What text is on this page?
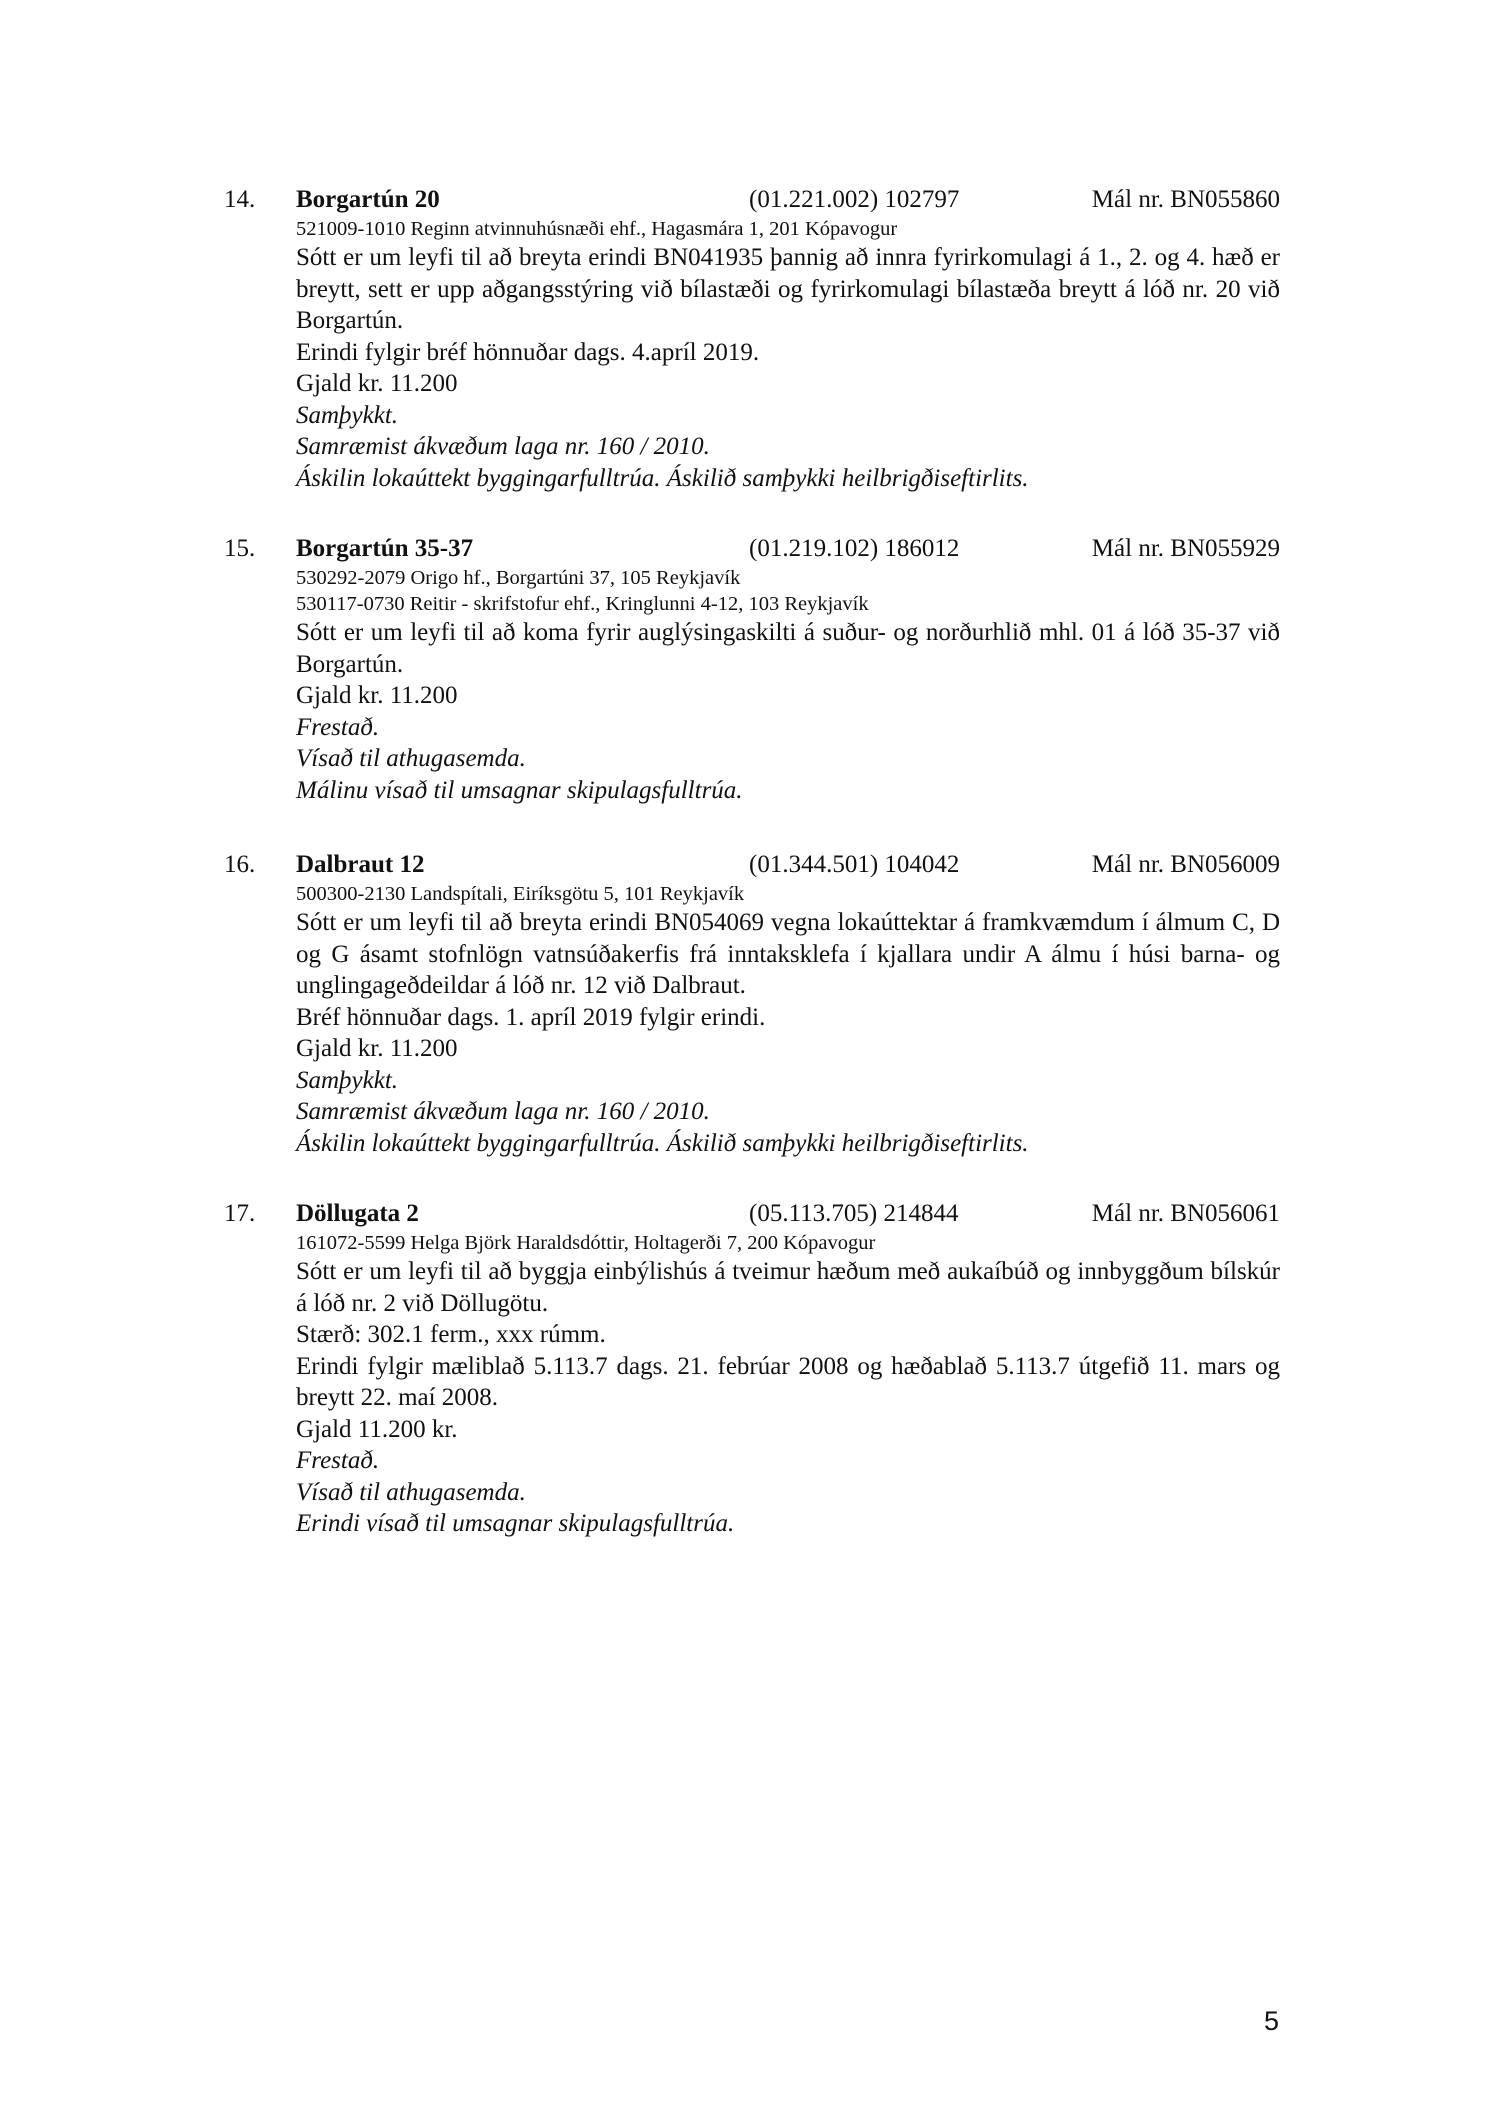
14. Borgartún 20	(01.221.002) 102797	Mál nr. BN055860
521009-1010 Reginn atvinnuhúsnæði ehf., Hagasmára 1, 201 Kópavogur
Sótt er um leyfi til að breyta erindi BN041935 þannig að innra fyrirkomulagi á 1., 2. og 4. hæð er breytt, sett er upp aðgangsstýring við bílastæði og fyrirkomulagi bílastæða breytt á lóð nr. 20 við Borgartún.
Erindi fylgir bréf hönnuðar dags. 4.apríl 2019.
Gjald kr. 11.200
Samþykkt.
Samræmist ákvæðum laga nr. 160 / 2010.
Áskilin lokaúttekt byggingarfulltrúa. Áskilið samþykki heilbrigðiseftirlits.
15. Borgartún 35-37	(01.219.102) 186012	Mál nr. BN055929
530292-2079 Origo hf., Borgartúni 37, 105 Reykjavík
530117-0730 Reitir - skrifstofur ehf., Kringlunni 4-12, 103 Reykjavík
Sótt er um leyfi til að koma fyrir auglýsingaskilti á suður- og norðurhlið mhl. 01 á lóð 35-37 við Borgartún.
Gjald kr. 11.200
Frestað.
Vísað til athugasemda.
Málinu vísað til umsagnar skipulagsfulltrúa.
16. Dalbraut 12	(01.344.501) 104042	Mál nr. BN056009
500300-2130 Landspítali, Eiríksgötu 5, 101 Reykjavík
Sótt er um leyfi til að breyta erindi BN054069 vegna lokaúttektar á framkvæmdum í álmum C, D og G ásamt stofnlögn vatnsúðakerfis frá inntaksklefa í kjallara undir A álmu í húsi barna- og unglingageðdeildar á lóð nr. 12 við Dalbraut.
Bréf hönnuðar dags. 1. apríl 2019 fylgir erindi.
Gjald kr. 11.200
Samþykkt.
Samræmist ákvæðum laga nr. 160 / 2010.
Áskilin lokaúttekt byggingarfulltrúa. Áskilið samþykki heilbrigðiseftirlits.
17. Döllugata 2	(05.113.705) 214844	Mál nr. BN056061
161072-5599 Helga Björk Haraldsdóttir, Holtagerði 7, 200 Kópavogur
Sótt er um leyfi til að byggja einbýlishús á tveimur hæðum með aukaíbúð og innbyggðum bílskúr á lóð nr. 2 við Döllugötu.
Stærð: 302.1 ferm., xxx rúmm.
Erindi fylgir mæliblað 5.113.7 dags. 21. febrúar 2008 og hæðablað 5.113.7 útgefið 11. mars og breytt 22. maí 2008.
Gjald 11.200 kr.
Frestað.
Vísað til athugasemda.
Erindi vísað til umsagnar skipulagsfulltrúa.
5
